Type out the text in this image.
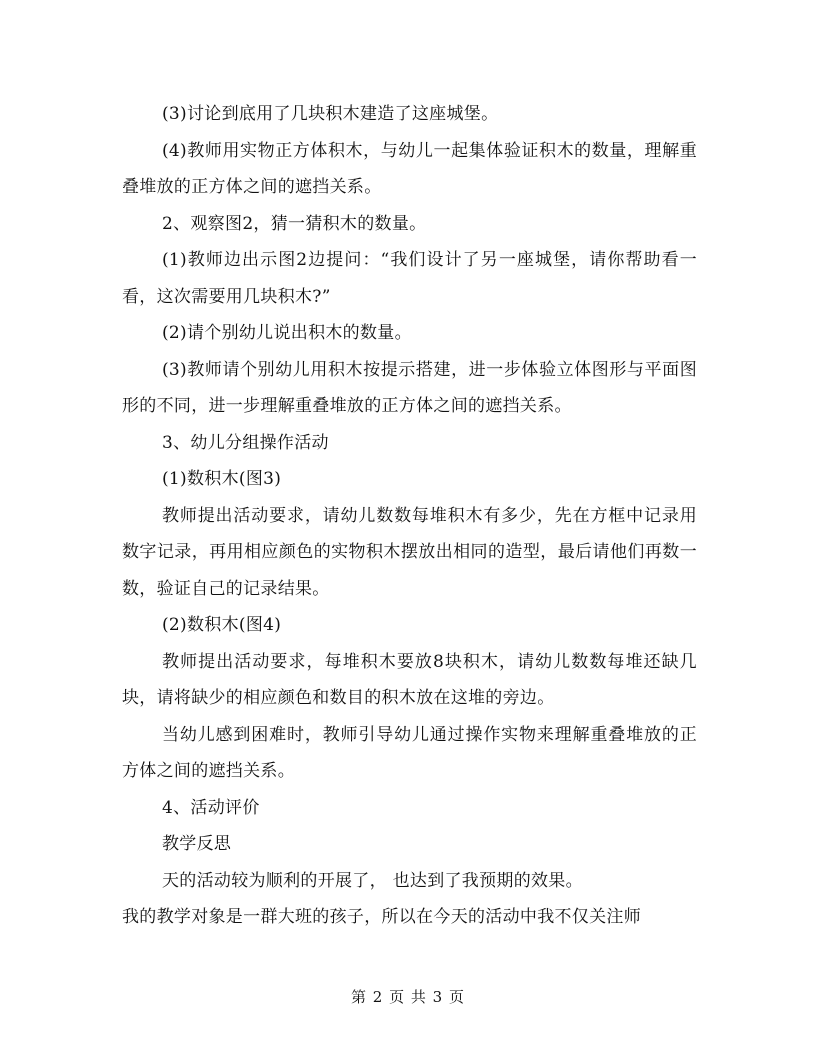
(3)讨论到底用了几块积木建造了这座城堡。

(4)教师用实物正方体积木，与幼儿一起集体验证积木的数量，理解重叠堆放的正方体之间的遮挡关系。

2、观察图2，猜一猜积木的数量。

(1)教师边出示图2边提问：“我们设计了另一座城堡，请你帮助看一看，这次需要用几块积木?”

(2)请个别幼儿说出积木的数量。

(3)教师请个别幼儿用积木按提示搭建，进一步体验立体图形与平面图形的不同，进一步理解重叠堆放的正方体之间的遮挡关系。

3、幼儿分组操作活动

(1)数积木(图3)

教师提出活动要求，请幼儿数数每堆积木有多少，先在方框中记录用数字记录，再用相应颜色的实物积木摆放出相同的造型，最后请他们再数一数，验证自己的记录结果。

(2)数积木(图4)

教师提出活动要求，每堆积木要放8块积木，请幼儿数数每堆还缺几块，请将缺少的相应颜色和数目的积木放在这堆的旁边。

当幼儿感到困难时，教师引导幼儿通过操作实物来理解重叠堆放的正方体之间的遮挡关系。

4、活动评价

教学反思

天的活动较为顺利的开展了， 也达到了我预期的效果。

我的教学对象是一群大班的孩子，所以在今天的活动中我不仅关注师

第 2 页 共 3 页
